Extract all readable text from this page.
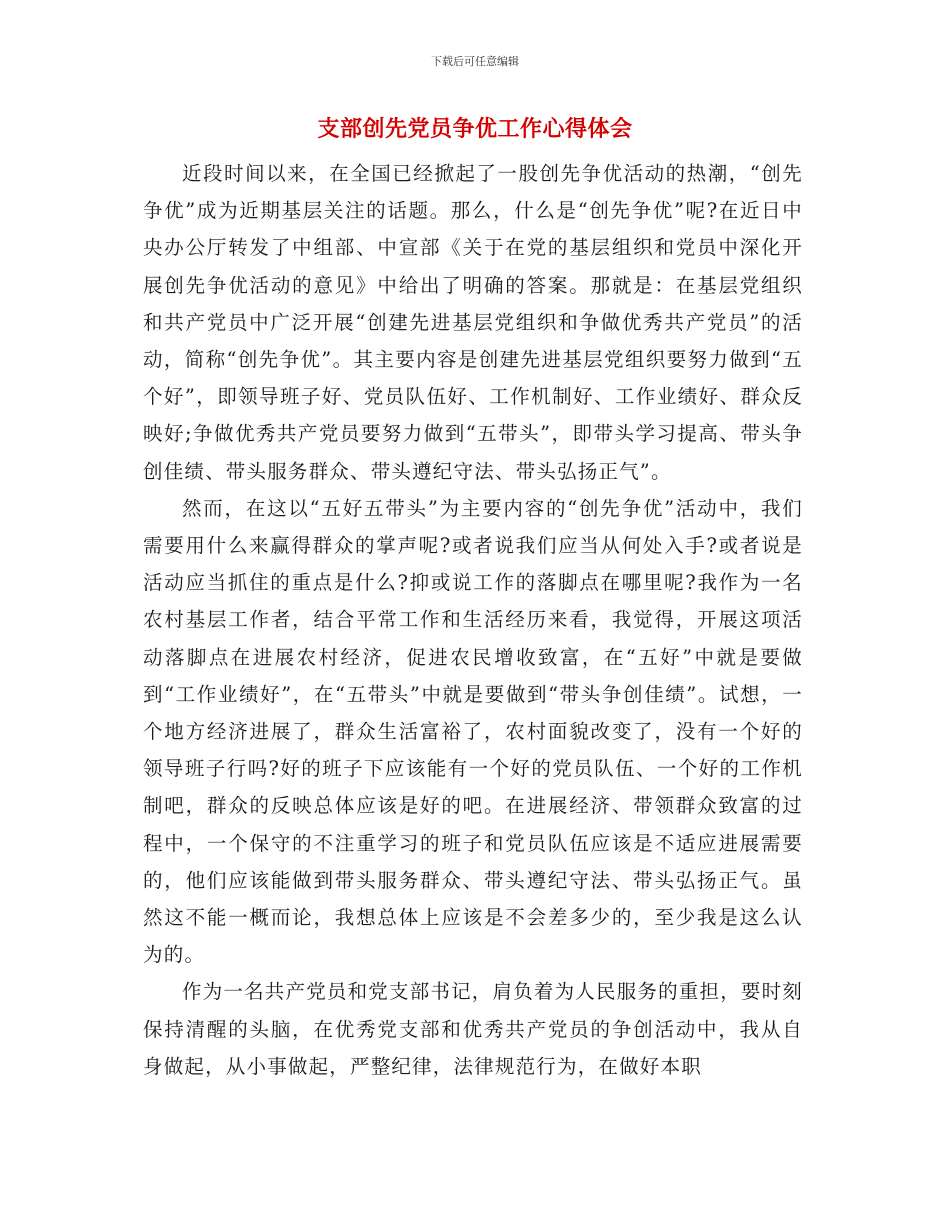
下载后可任意编辑
支部创先党员争优工作心得体会

近段时间以来，在全国已经掀起了一股创先争优活动的热潮，“创先争优”成为近期基层关注的话题。那么，什么是“创先争优”呢?在近日中央办公厅转发了中组部、中宣部《关于在党的基层组织和党员中深化开展创先争优活动的意见》中给出了明确的答案。那就是：在基层党组织和共产党员中广泛开展“创建先进基层党组织和争做优秀共产党员”的活动，简称“创先争优”。其主要内容是创建先进基层党组织要努力做到“五个好”，即领导班子好、党员队伍好、工作机制好、工作业绩好、群众反映好;争做优秀共产党员要努力做到“五带头”，即带头学习提高、带头争创佳绩、带头服务群众、带头遵纪守法、带头弘扬正气”。

然而，在这以“五好五带头”为主要内容的“创先争优”活动中，我们需要用什么来赢得群众的掌声呢?或者说我们应当从何处入手?或者说是活动应当抓住的重点是什么?抑或说工作的落脚点在哪里呢?我作为一名农村基层工作者，结合平常工作和生活经历来看，我觉得，开展这项活动落脚点在进展农村经济，促进农民增收致富，在“五好”中就是要做到“工作业绩好”，在“五带头”中就是要做到“带头争创佳绩”。试想，一个地方经济进展了，群众生活富裕了，农村面貌改变了，没有一个好的领导班子行吗?好的班子下应该能有一个好的党员队伍、一个好的工作机制吧，群众的反映总体应该是好的吧。在进展经济、带领群众致富的过程中，一个保守的不注重学习的班子和党员队伍应该是不适应进展需要的，他们应该能做到带头服务群众、带头遵纪守法、带头弘扬正气。虽然这不能一概而论，我想总体上应该是不会差多少的，至少我是这么认为的。

作为一名共产党员和党支部书记，肩负着为人民服务的重担，要时刻保持清醒的头脑，在优秀党支部和优秀共产党员的争创活动中，我从自身做起，从小事做起，严整纪律，法律规范行为，在做好本职
